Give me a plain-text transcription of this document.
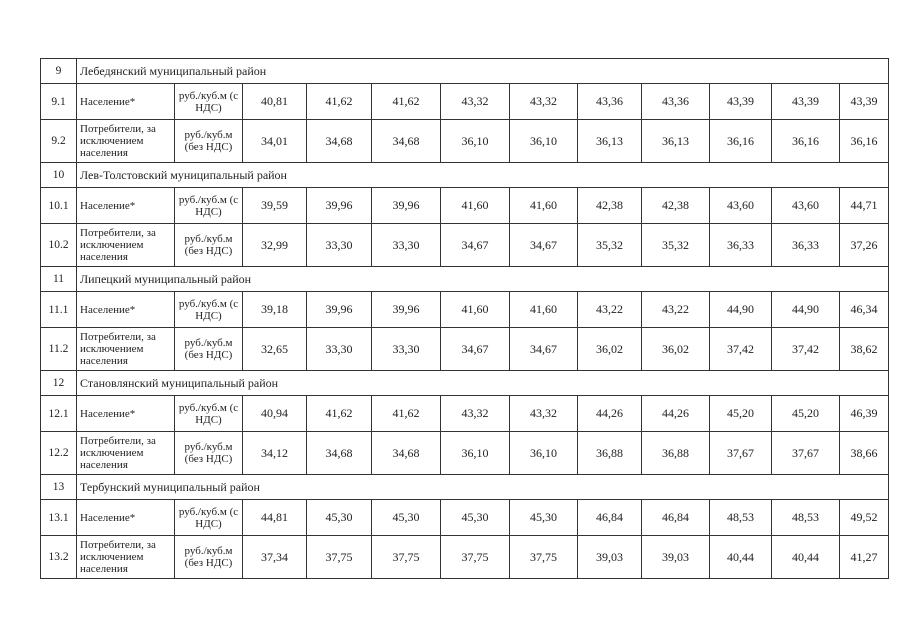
9	Лебедянский муниципальный район											
9.1	Население*	руб./куб.м (с НДС)	40,81	41,62	41,62	43,32	43,32	43,36	43,36	43,39	43,39	43,39
9.2	Потребители, за исключением населения	руб./куб.м (без НДС)	34,01	34,68	34,68	36,10	36,10	36,13	36,13	36,16	36,16	36,16
10	Лев-Толстовский муниципальный район											
10.1	Население*	руб./куб.м (с НДС)	39,59	39,96	39,96	41,60	41,60	42,38	42,38	43,60	43,60	44,71
10.2	Потребители, за исключением населения	руб./куб.м (без НДС)	32,99	33,30	33,30	34,67	34,67	35,32	35,32	36,33	36,33	37,26
11	Липецкий муниципальный район											
11.1	Население*	руб./куб.м (с НДС)	39,18	39,96	39,96	41,60	41,60	43,22	43,22	44,90	44,90	46,34
11.2	Потребители, за исключением населения	руб./куб.м (без НДС)	32,65	33,30	33,30	34,67	34,67	36,02	36,02	37,42	37,42	38,62
12	Становлянский муниципальный район											
12.1	Население*	руб./куб.м (с НДС)	40,94	41,62	41,62	43,32	43,32	44,26	44,26	45,20	45,20	46,39
12.2	Потребители, за исключением населения	руб./куб.м (без НДС)	34,12	34,68	34,68	36,10	36,10	36,88	36,88	37,67	37,67	38,66
13	Тербунский муниципальный район											
13.1	Население*	руб./куб.м (с НДС)	44,81	45,30	45,30	45,30	45,30	46,84	46,84	48,53	48,53	49,52
13.2	Потребители, за исключением населения	руб./куб.м (без НДС)	37,34	37,75	37,75	37,75	37,75	39,03	39,03	40,44	40,44	41,27
